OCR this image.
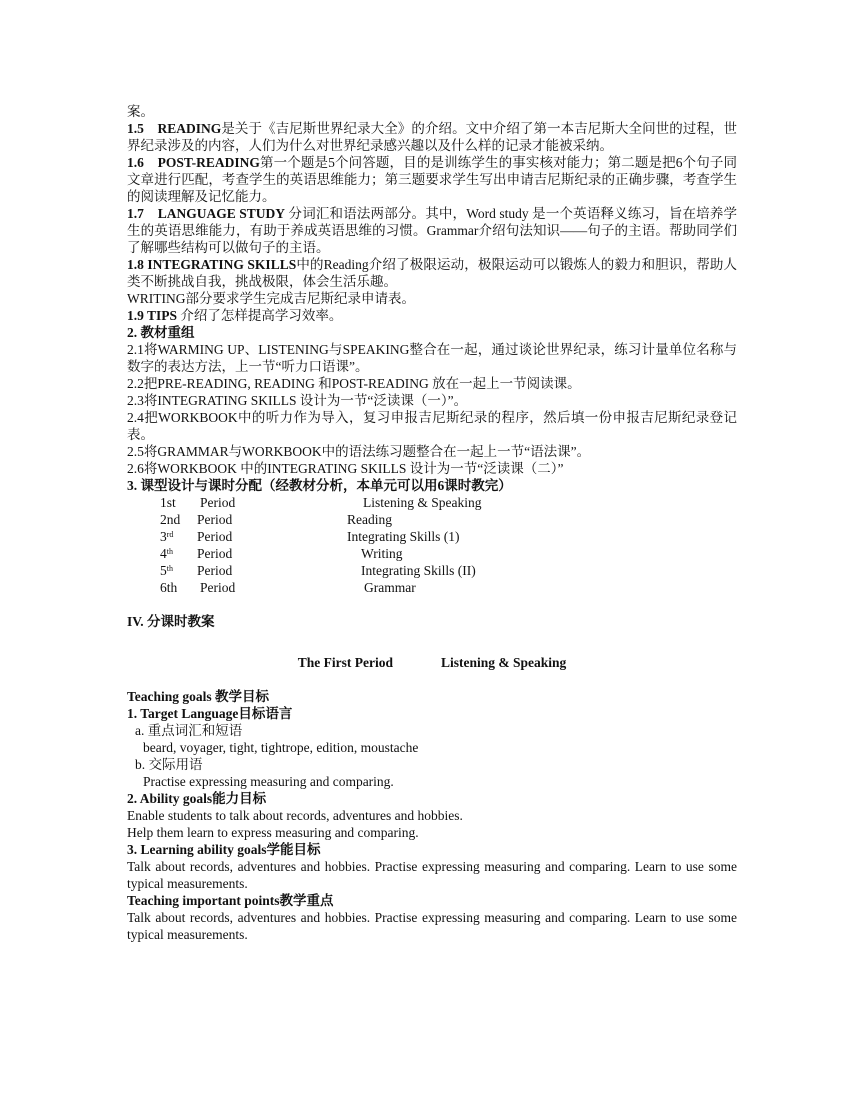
案。

1.5　READING是关于《吉尼斯世界纪录大全》的介绍。文中介绍了第一本吉尼斯大全问世的过程，世界纪录涉及的内容，人们为什么对世界纪录感兴趣以及什么样的记录才能被采纳。

1.6　POST-READING第一个题是5个问答题，目的是训练学生的事实核对能力；第二题是把6个句子同文章进行匹配，考查学生的英语思维能力；第三题要求学生写出申请吉尼斯纪录的正确步骤，考查学生的阅读理解及记忆能力。

1.7　LANGUAGE STUDY 分词汇和语法两部分。其中，Word study 是一个英语释义练习，旨在培养学生的英语思维能力，有助于养成英语思维的习惯。Grammar介绍句法知识——句子的主语。帮助同学们了解哪些结构可以做句子的主语。

1.8 INTEGRATING SKILLS中的Reading介绍了极限运动，极限运动可以锻炼人的毅力和胆识，帮助人类不断挑战自我，挑战极限，体会生活乐趣。

WRITING部分要求学生完成吉尼斯纪录申请表。

1.9 TIPS 介绍了怎样提高学习效率。

2. 教材重组

2.1将WARMING UP、LISTENING与SPEAKING整合在一起，通过谈论世界纪录，练习计量单位名称与数字的表达方法，上一节“听力口语课”。

2.2把PRE-READING, READING 和POST-READING 放在一起上一节阅读课。

2.3将INTEGRATING SKILLS 设计为一节“泛读课（一）”。

2.4把WORKBOOK中的听力作为导入，复习申报吉尼斯纪录的程序，然后填一份申报吉尼斯纪录登记表。

2.5将GRAMMAR与WORKBOOK中的语法练习题整合在一起上一节“语法课”。

2.6将WORKBOOK 中的INTEGRATING SKILLS 设计为一节“泛读课（二）”

3. 课型设计与课时分配（经教材分析，本单元可以用6课时教完）

1st Period	Listening & Speaking
2nd Period	Reading
3rd Period	Integrating Skills (1)
4th Period	Writing
5th Period	Integrating Skills (II)
6th Period	Grammar

IV. 分课时教案

The First Period	Listening & Speaking

Teaching goals 教学目标

1. Target Language目标语言

a. 重点词汇和短语

beard, voyager, tight, tightrope, edition, moustache

b. 交际用语

Practise expressing measuring and comparing.

2. Ability goals能力目标

Enable students to talk about records, adventures and hobbies.

Help them learn to express measuring and comparing.

3. Learning ability goals学能目标

Talk about records, adventures and hobbies. Practise expressing measuring and comparing. Learn to use some typical measurements.

Teaching important points教学重点

Talk about records, adventures and hobbies. Practise expressing measuring and comparing. Learn to use some typical measurements.
